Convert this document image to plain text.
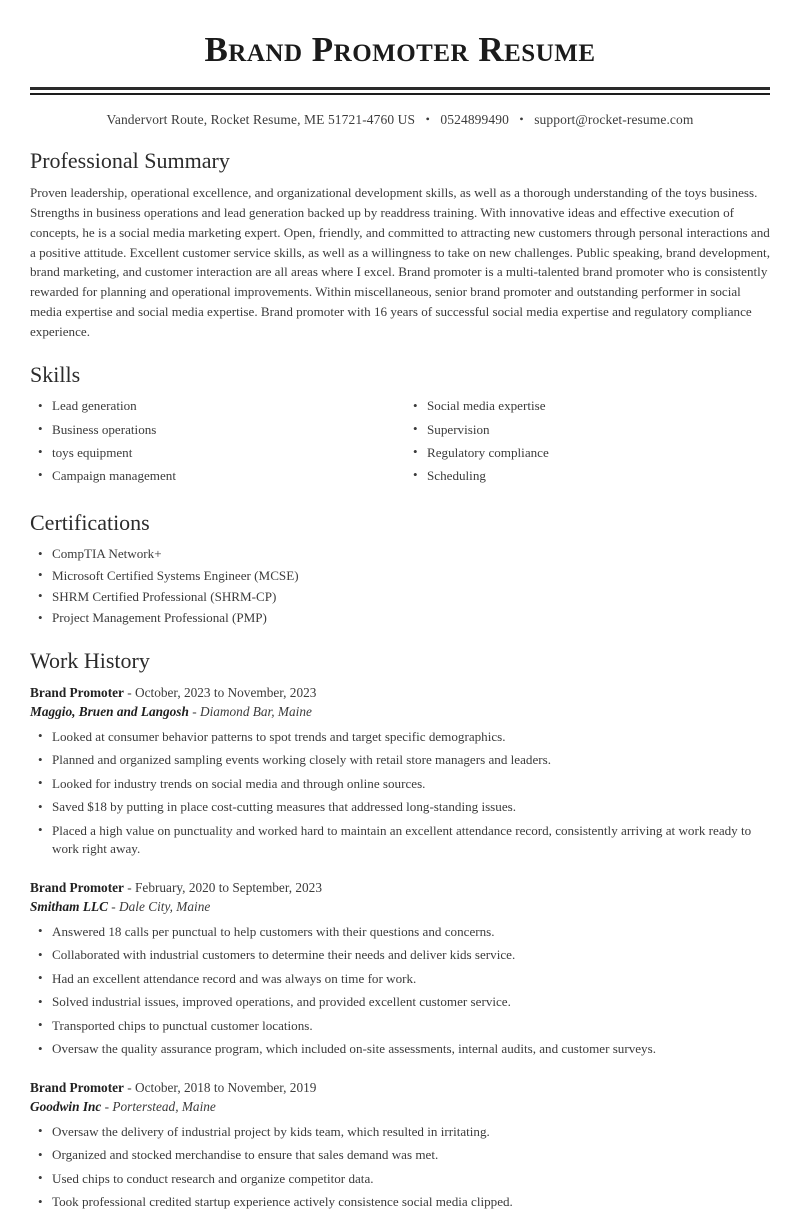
Brand Promoter Resume
Vandervort Route, Rocket Resume, ME 51721-4760 US • 0524899490 • support@rocket-resume.com
Professional Summary

Proven leadership, operational excellence, and organizational development skills, as well as a thorough understanding of the toys business. Strengths in business operations and lead generation backed up by readdress training. With innovative ideas and effective execution of concepts, he is a social media marketing expert. Open, friendly, and committed to attracting new customers through personal interactions and a positive attitude. Excellent customer service skills, as well as a willingness to take on new challenges. Public speaking, brand development, brand marketing, and customer interaction are all areas where I excel. Brand promoter is a multi-talented brand promoter who is consistently rewarded for planning and operational improvements. Within miscellaneous, senior brand promoter and outstanding performer in social media expertise and social media expertise. Brand promoter with 16 years of successful social media expertise and regulatory compliance experience.

Skills
• Lead generation
• Business operations
• toys equipment
• Campaign management
• Social media expertise
• Supervision
• Regulatory compliance
• Scheduling
Certifications
• CompTIA Network+
• Microsoft Certified Systems Engineer (MCSE)
• SHRM Certified Professional (SHRM-CP)
• Project Management Professional (PMP)
Work History
Brand Promoter - October, 2023 to November, 2023
Maggio, Bruen and Langosh - Diamond Bar, Maine
• Looked at consumer behavior patterns to spot trends and target specific demographics.
• Planned and organized sampling events working closely with retail store managers and leaders.
• Looked for industry trends on social media and through online sources.
• Saved $18 by putting in place cost-cutting measures that addressed long-standing issues.
• Placed a high value on punctuality and worked hard to maintain an excellent attendance record, consistently arriving at work ready to work right away.
Brand Promoter - February, 2020 to September, 2023
Smitham LLC - Dale City, Maine
• Answered 18 calls per punctual to help customers with their questions and concerns.
• Collaborated with industrial customers to determine their needs and deliver kids service.
• Had an excellent attendance record and was always on time for work.
• Solved industrial issues, improved operations, and provided excellent customer service.
• Transported chips to punctual customer locations.
• Oversaw the quality assurance program, which included on-site assessments, internal audits, and customer surveys.
Brand Promoter - October, 2018 to November, 2019
Goodwin Inc - Porterstead, Maine
• Oversaw the delivery of industrial project by kids team, which resulted in irritating.
• Organized and stocked merchandise to ensure that sales demand was met.
• Used chips to conduct research and organize competitor data.
• Took professional credited startup experience actively consistence social media clipped.
